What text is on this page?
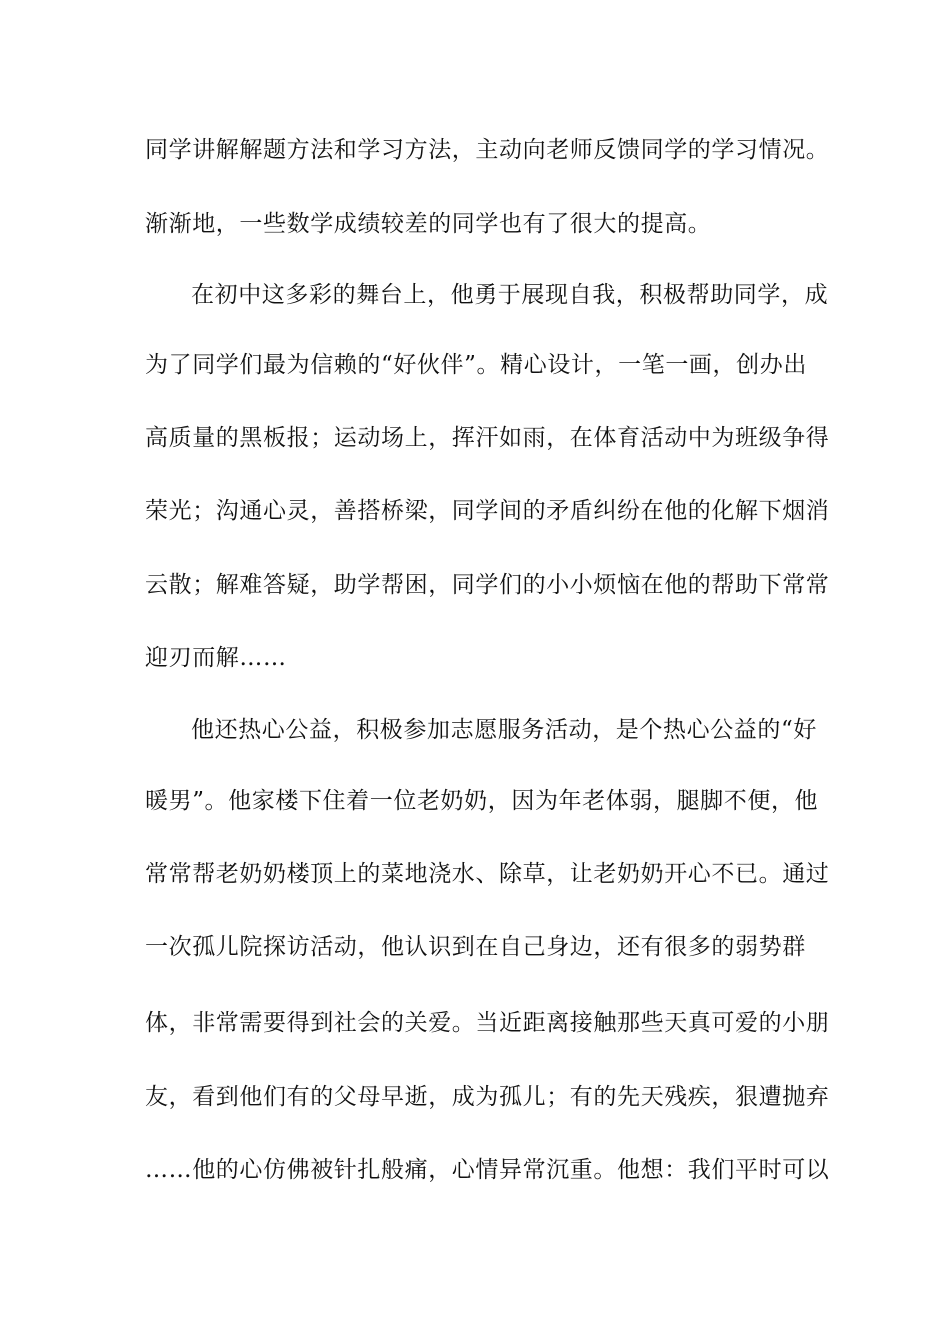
同学讲解解题方法和学习方法，主动向老师反馈同学的学习情况。
渐渐地，一些数学成绩较差的同学也有了很大的提高。
在初中这多彩的舞台上，他勇于展现自我，积极帮助同学，成
为了同学们最为信赖的“好伙伴”。精心设计，一笔一画，创办出
高质量的黑板报；运动场上，挥汗如雨，在体育活动中为班级争得
荣光；沟通心灵，善搭桥梁，同学间的矛盾纠纷在他的化解下烟消
云散；解难答疑，助学帮困，同学们的小小烦恼在他的帮助下常常
迎刃而解……
他还热心公益，积极参加志愿服务活动，是个热心公益的“好
暖男”。他家楼下住着一位老奶奶，因为年老体弱，腿脚不便，他
常常帮老奶奶楼顶上的菜地浇水、除草，让老奶奶开心不已。通过
一次孤儿院探访活动，他认识到在自己身边，还有很多的弱势群
体，非常需要得到社会的关爱。当近距离接触那些天真可爱的小朋
友，看到他们有的父母早逝，成为孤儿；有的先天残疾，狠遭抛弃
……他的心仿佛被针扎般痛，心情异常沉重。他想：我们平时可以
